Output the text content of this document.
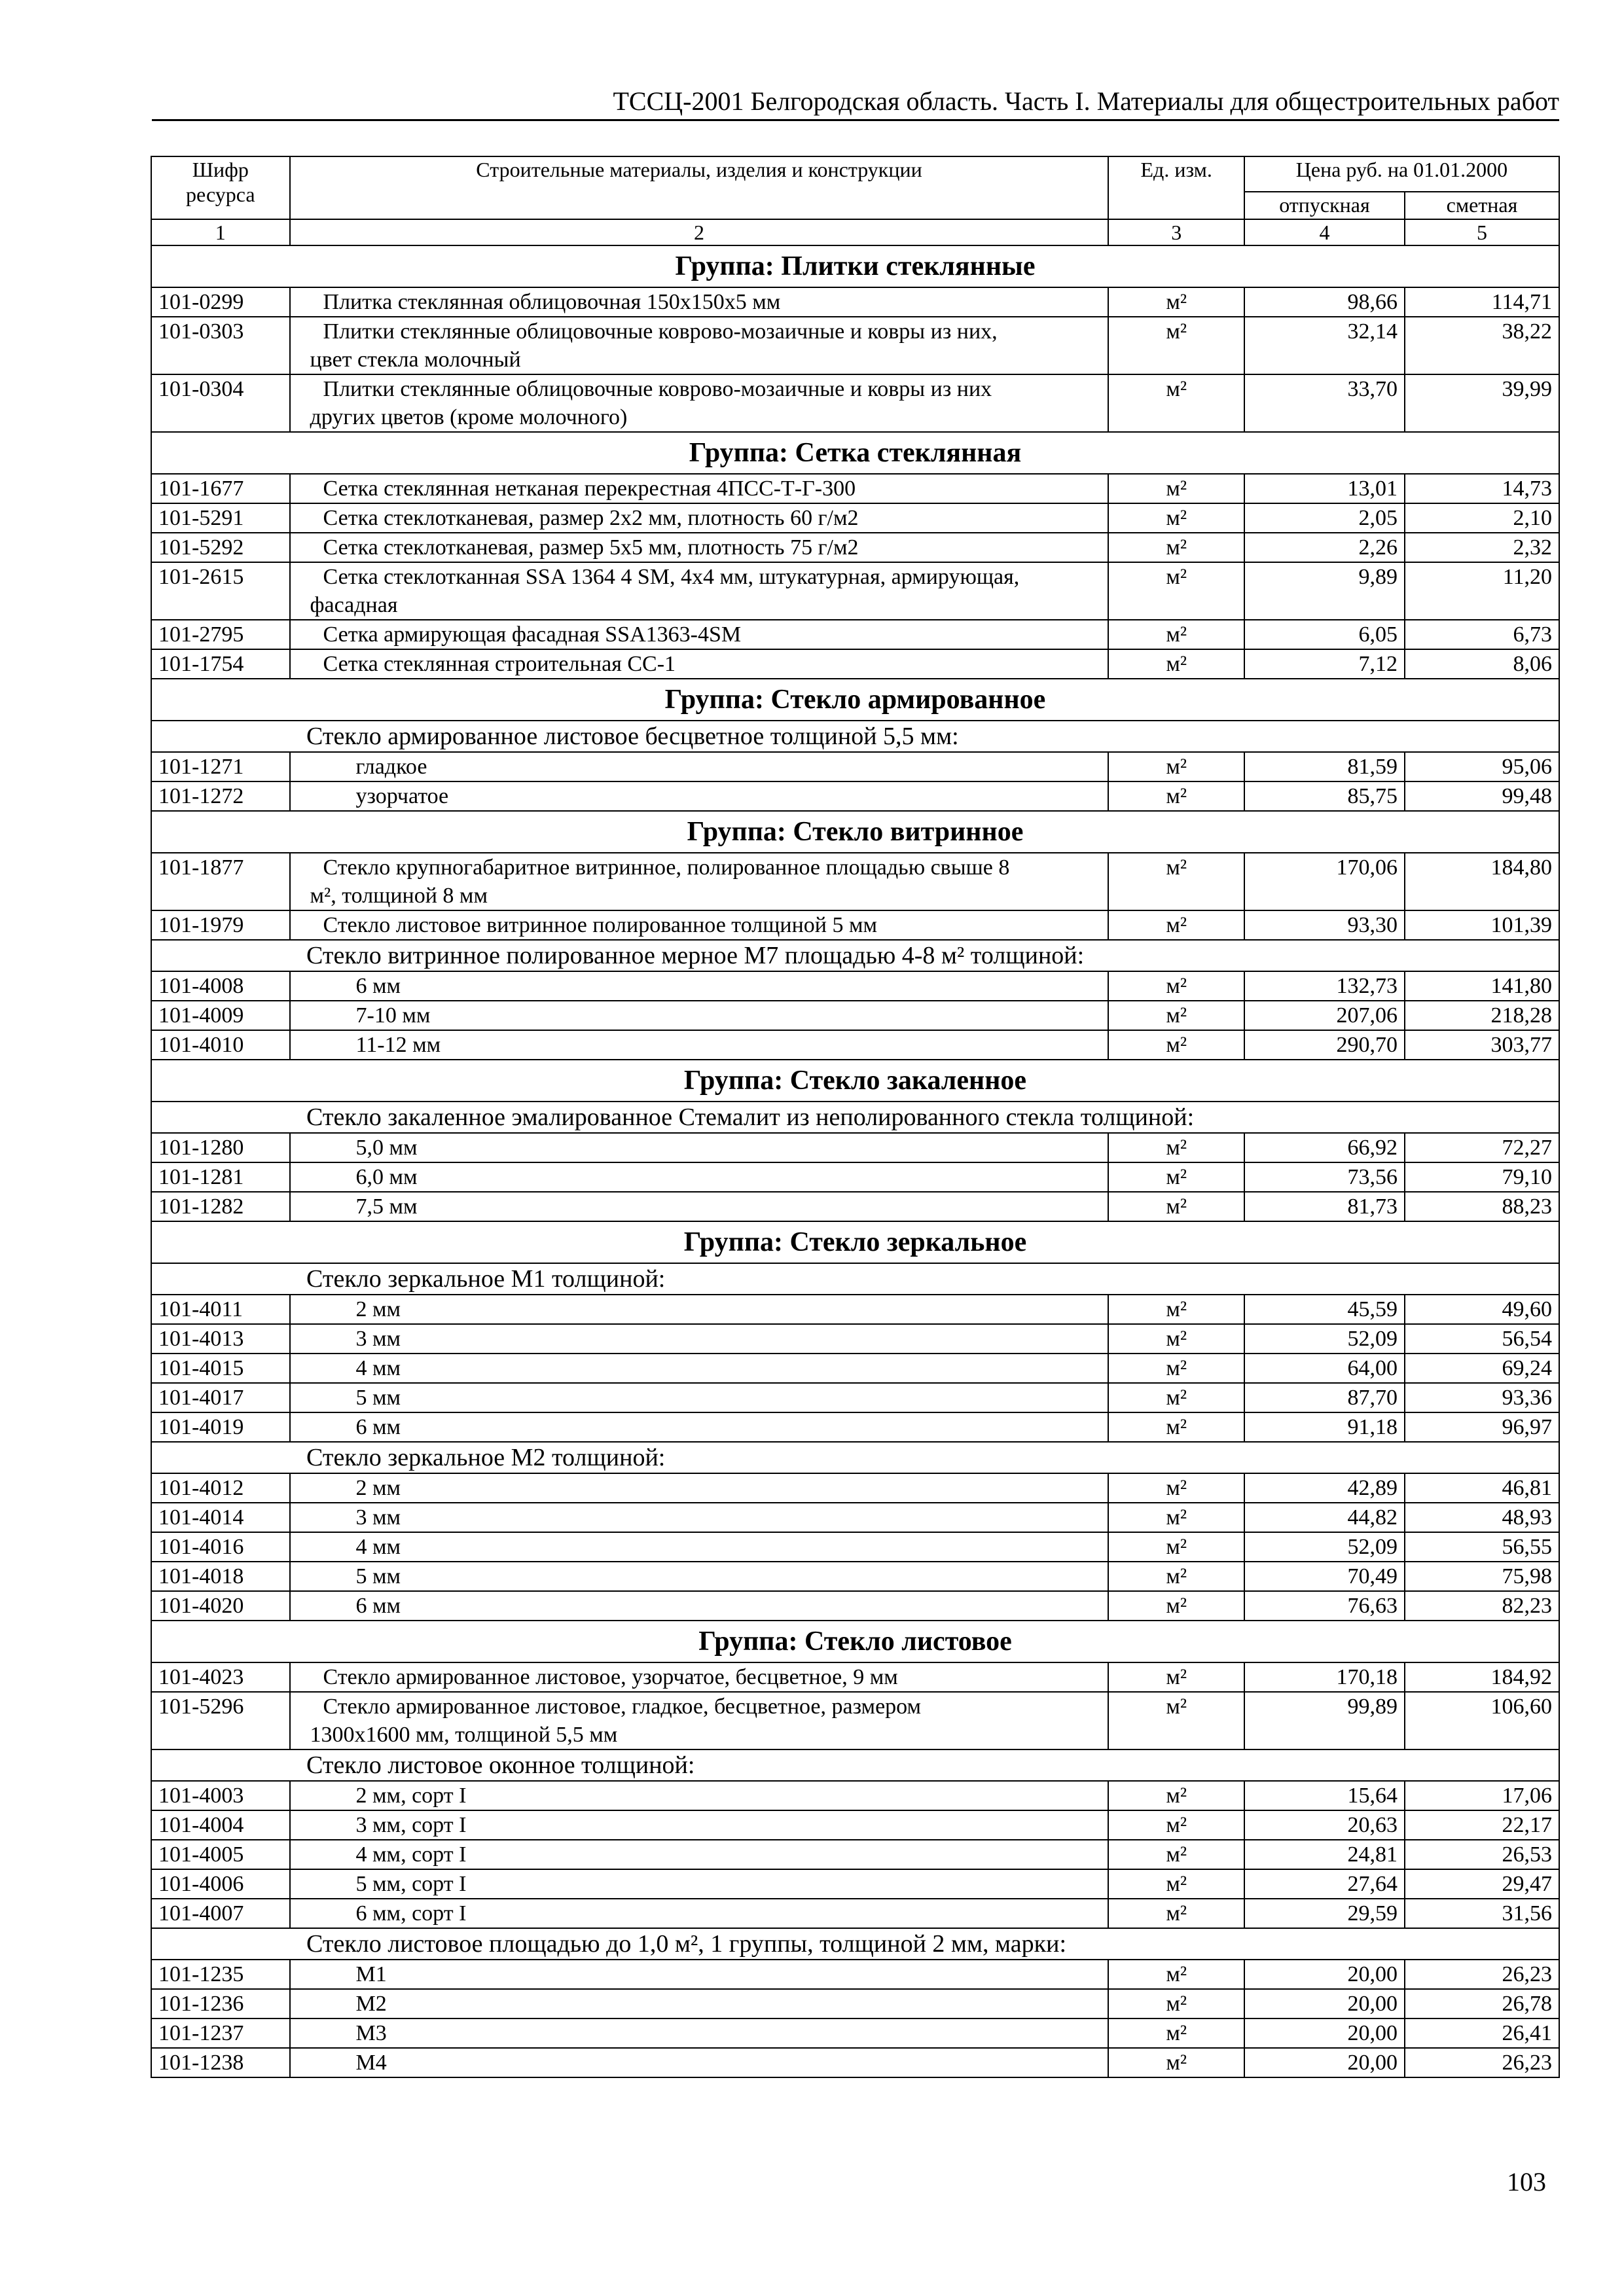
ТССЦ-2001 Белгородская область. Часть I. Материалы для общестроительных работ
Шифр ресурса	Строительные материалы, изделия и конструкции	Ед. изм.	Цена руб. на 01.01.2000	
			отпускная	сметная
1	2	3	4	5
Группа: Плитки стеклянные				
101-0299	Плитка стеклянная облицовочная 150х150х5 мм	м²	98,66	114,71
101-0303	Плитки стеклянные облицовочные коврово-мозаичные и ковры из них,
цвет стекла молочный	м²	32,14	38,22
101-0304	Плитки стеклянные облицовочные коврово-мозаичные и ковры из них
других цветов (кроме молочного)	м²	33,70	39,99
Группа: Сетка стеклянная				
101-1677	Сетка стеклянная нетканая перекрестная 4ПСС-Т-Г-300	м²	13,01	14,73
101-5291	Сетка стеклотканевая, размер 2х2 мм, плотность 60 г/м2	м²	2,05	2,10
101-5292	Сетка стеклотканевая, размер 5х5 мм, плотность 75 г/м2	м²	2,26	2,32
101-2615	Сетка стеклотканная SSA 1364 4 SM, 4х4 мм, штукатурная, армирующая,
фасадная	м²	9,89	11,20
101-2795	Сетка армирующая фасадная SSA1363-4SM	м²	6,05	6,73
101-1754	Сетка стеклянная строительная СС-1	м²	7,12	8,06
Группа: Стекло армированное				
Стекло армированное листовое бесцветное толщиной 5,5 мм:				
101-1271	гладкое	м²	81,59	95,06
101-1272	узорчатое	м²	85,75	99,48
Группа: Стекло витринное				
101-1877	Стекло крупногабаритное витринное, полированное площадью свыше 8
м², толщиной 8 мм	м²	170,06	184,80
101-1979	Стекло листовое витринное полированное толщиной 5 мм	м²	93,30	101,39
Стекло витринное полированное мерное М7 площадью 4-8 м² толщиной:				
101-4008	6 мм	м²	132,73	141,80
101-4009	7-10 мм	м²	207,06	218,28
101-4010	11-12 мм	м²	290,70	303,77
Группа: Стекло закаленное				
Стекло закаленное эмалированное Стемалит из неполированного стекла толщиной:				
101-1280	5,0 мм	м²	66,92	72,27
101-1281	6,0 мм	м²	73,56	79,10
101-1282	7,5 мм	м²	81,73	88,23
Группа: Стекло зеркальное				
Стекло зеркальное М1 толщиной:				
101-4011	2 мм	м²	45,59	49,60
101-4013	3 мм	м²	52,09	56,54
101-4015	4 мм	м²	64,00	69,24
101-4017	5 мм	м²	87,70	93,36
101-4019	6 мм	м²	91,18	96,97
Стекло зеркальное М2 толщиной:				
101-4012	2 мм	м²	42,89	46,81
101-4014	3 мм	м²	44,82	48,93
101-4016	4 мм	м²	52,09	56,55
101-4018	5 мм	м²	70,49	75,98
101-4020	6 мм	м²	76,63	82,23
Группа: Стекло листовое				
101-4023	Стекло армированное листовое, узорчатое, бесцветное, 9 мм	м²	170,18	184,92
101-5296	Стекло армированное листовое, гладкое, бесцветное, размером
1300х1600 мм, толщиной 5,5 мм	м²	99,89	106,60
Стекло листовое оконное толщиной:				
101-4003	2 мм, сорт I	м²	15,64	17,06
101-4004	3 мм, сорт I	м²	20,63	22,17
101-4005	4 мм, сорт I	м²	24,81	26,53
101-4006	5 мм, сорт I	м²	27,64	29,47
101-4007	6 мм, сорт I	м²	29,59	31,56
Стекло листовое площадью до 1,0 м², 1 группы, толщиной 2 мм, марки:				
101-1235	М1	м²	20,00	26,23
101-1236	М2	м²	20,00	26,78
101-1237	М3	м²	20,00	26,41
101-1238	М4	м²	20,00	26,23
103
